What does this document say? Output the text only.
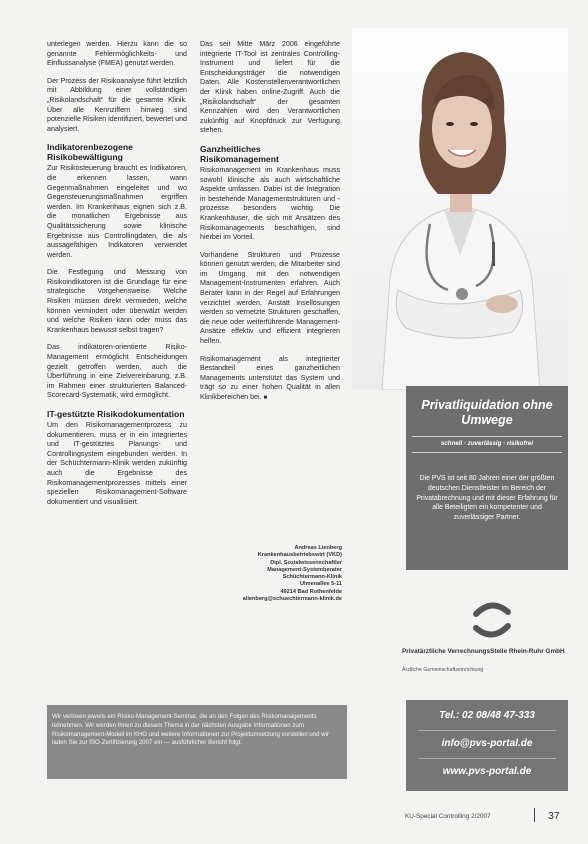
unterlegen werden. Hierzu kann die so genannte Fehlermöglichkeits- und Einflussanalyse (FMEA) genutzt werden.

Der Prozess der Risikoanalyse führt letztlich mit Abbildung einer vollständigen „Risikolandschaft“ für die gesamte Klinik. Über alle Kennziffern hinweg sind potenzielle Risiken identifiziert, bewertet und analysiert.

Indikatorenbezogene Risikobewältigung

Zur Risikosteuerung braucht es Indikatoren, die erkennen lassen, wann Gegenmaßnahmen eingeleitet und wo Gegensteuerungsmaßnahmen ergriffen werden. Im Krankenhaus eignen sich z.B. die monatlichen Ergebnisse aus Qualitätssicherung sowie klinische Ergebnisse aus Controllingdaten, die als aussagefähigen Indikatoren verwendet werden.

Die Festlegung und Messung von Risikoindikatoren ist die Grundlage für eine strategische Vorgehensweise. Welche Risiken müssen direkt vermieden, welche können vermindert oder überwälzt werden und welche Risiken kann oder muss das Krankenhaus bewusst selbst tragen?

Das indikatoren-orientierte Risiko-Management ermöglicht Entscheidungen gezielt getroffen werden, auch die Überführung in eine Zielvereinbarung, z.B. im Rahmen einer strukturierten Balanced-Scorecard-Systematik, wird ermöglicht.

IT-gestützte Risikodokumentation

Um den Risikomanagementprozess zu dokumentieren, muss er in ein integriertes und IT-gestütztes Planungs- und Controllingsystem eingebunden werden. In der Schüchtermann-Klinik werden zukünftig auch die Ergebnisse des Risikomanagementprozesses mittels einer speziellen Risikomanagement-Software dokumentiert und visualisiert.

Das seit Mitte März 2006 eingeführte integrierte IT-Tool ist zentrales Controlling-Instrument und liefert für die Entscheidungsträger die notwendigen Daten. Alle Kostenstellenverantwortlichen der Klinik haben online-Zugriff. Auch die „Risikolandschaft“ der gesamten Kennzahlen wird den Verantwortlichen zukünftig auf Knopfdruck zur Verfügung stehen.

Ganzheitliches Risikomanagement

Risikomanagement im Krankenhaus muss sowohl klinische als auch wirtschaftliche Aspekte umfassen. Dabei ist die Integration in bestehende Managementstrukturen und -prozesse besonders wichtig. Die Krankenhäuser, die sich mit Ansätzen des Risikomanagements beschäftigen, sind hierbei im Vorteil.

Vorhandene Strukturen und Prozesse können genutzt werden, die Mitarbeiter sind im Umgang mit den notwendigen Management-Instrumenten erfahren. Auch Berater kann in der Regel auf Erfahrungen verzichtet werden. Anstatt Insellösungen werden so vernetzte Strukturen geschaffen, die neue oder weiterführende Management-Ansätze effektiv und effizient integrieren helfen.

Risikomanagement als integrierter Bestandteil eines ganzheitlichen Managements unterstützt das System und trägt so zu einer hohen Qualität in allen Klinikbereichen bei. ■

Andreas Lienberg
Krankenhausbetriebswirt (VKD)
Dipl. Sozialwissenschaftler
Management-Systemberater
Schüchtermann-Klinik
Ulmenallee 5-11
49214 Bad Rothenfelde
alienberg@schuechtermann-klinik.de
Privatliquidation ohne Umwege
schnell · zuverlässig · risikofrei
Die PVS ist seit 80 Jahren einer der größten deutschen Dienstleister im Bereich der Privatabrechnung und mit dieser Erfahrung für alle Beteiligten ein kompetenter und zuverlässiger Partner.
Privatärztliche VerrechnungsStelle Rhein-Ruhr GmbH
Ärztliche Gemeinschaftseinrichtung
Tel.: 02 08/48 47-333
info@pvs-portal.de
www.pvs-portal.de
Wir verlosen jeweils ein Risiko-Management-Seminar, die an den Folgen des Risikomanagements teilnehmen. Wir werden Ihnen zu diesem Thema in der nächsten Ausgabe Informationen zum Risikomanagement-Modell im KHG und weitere Informationen zur Projektumsetzung vorstellen und wir laden Sie zur ISO-Zertifizierung 2007 ein — ausführlicher Bericht folgt.
KU-Special Controlling 2/2007	37
